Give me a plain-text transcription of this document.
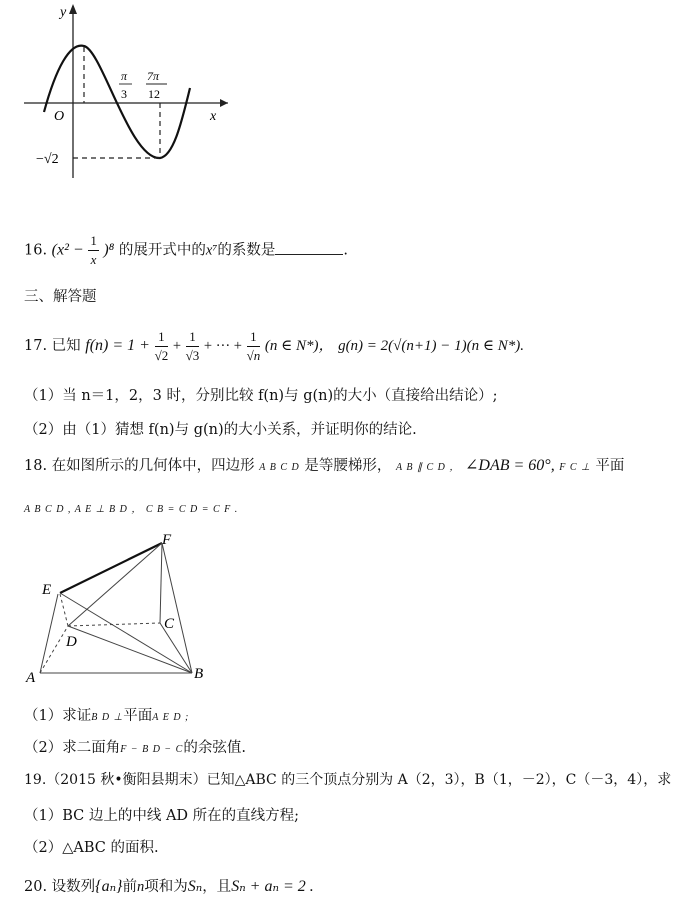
y
x
O
π
3
7π
12
−√2
16. $(x^2 - \frac{1}{x} )^8$ 的展开式中的x⁷的系数是	.
三、解答题
17. 已知 $f(n) = 1 + \frac{1}{√2} + \frac{1}{√3}$ + ··· + $\frac{1}{√n} (n$ ∈ N*)， g(n) = 2(√(n+1) − 1)(n ∈ N*).
（1）当 n＝1，2，3 时，分别比较 f(n)与 g(n)的大小（直接给出结论）;
（2）由（1）猜想 f(n)与 g(n)的大小关系，并证明你的结论.
18. 在如图所示的几何体中，四边形 A B C D 是等腰梯形， A B ∥ C D ， ∠DAB = 60°, F C ⊥ 平面
A B C D , A E ⊥ B D ， C B = C D = C F .
F
E
C
D
A	B
（1）求证B D ⊥平面A E D ;
（2）求二面角F − B D − C的余弦值.
19.（2015 秋•衡阳县期末）已知△ABC 的三个顶点分别为 A（2，3），B（1，－2），C（－3，4），求
（1）BC 边上的中线 AD 所在的直线方程;
（2）△ABC 的面积.
20. 设数列{aₙ}前n项和为Sₙ，且Sₙ + aₙ = 2 .
